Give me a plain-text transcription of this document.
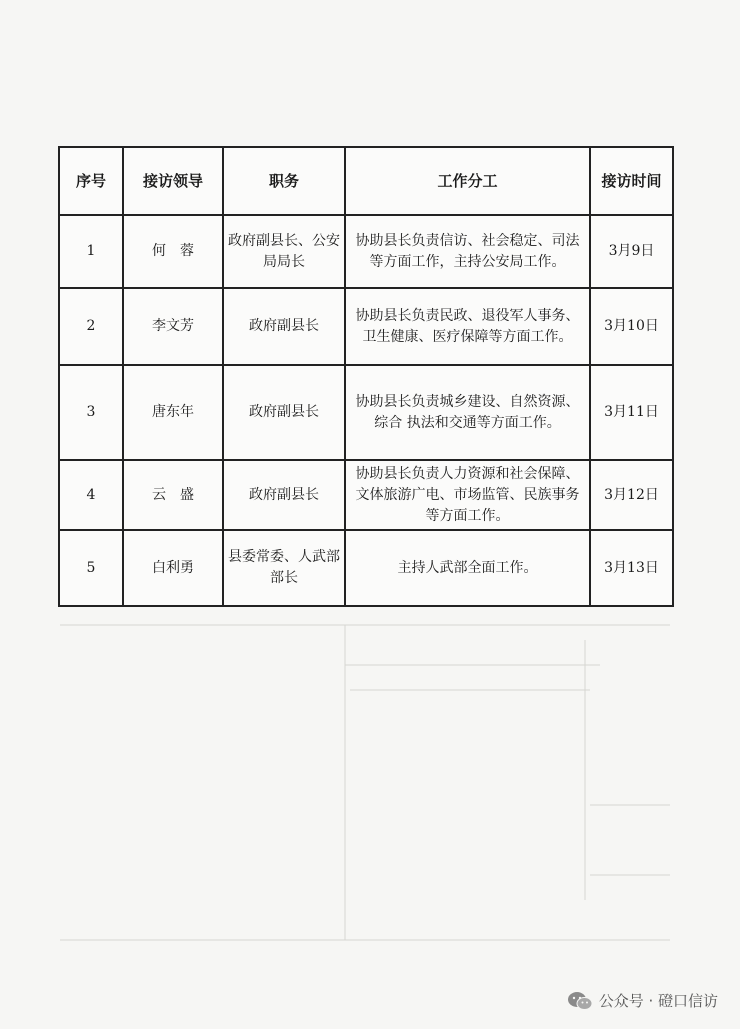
序号	接访领导	职务	工作分工	接访时间
1	何　蓉	政府副县长、公安局局长	协助县长负责信访、社会稳定、司法等方面工作，主持公安局工作。	3月9日
2	李文芳	政府副县长	协助县长负责民政、退役军人事务、卫生健康、医疗保障等方面工作。	3月10日
3	唐东年	政府副县长	协助县长负责城乡建设、自然资源、综合 执法和交通等方面工作。	3月11日
4	云　盛	政府副县长	协助县长负责人力资源和社会保障、文体旅游广电、市场监管、民族事务等方面工作。	3月12日
5	白利勇	县委常委、人武部部长	主持人武部全面工作。	3月13日
公众号 · 磴口信访
